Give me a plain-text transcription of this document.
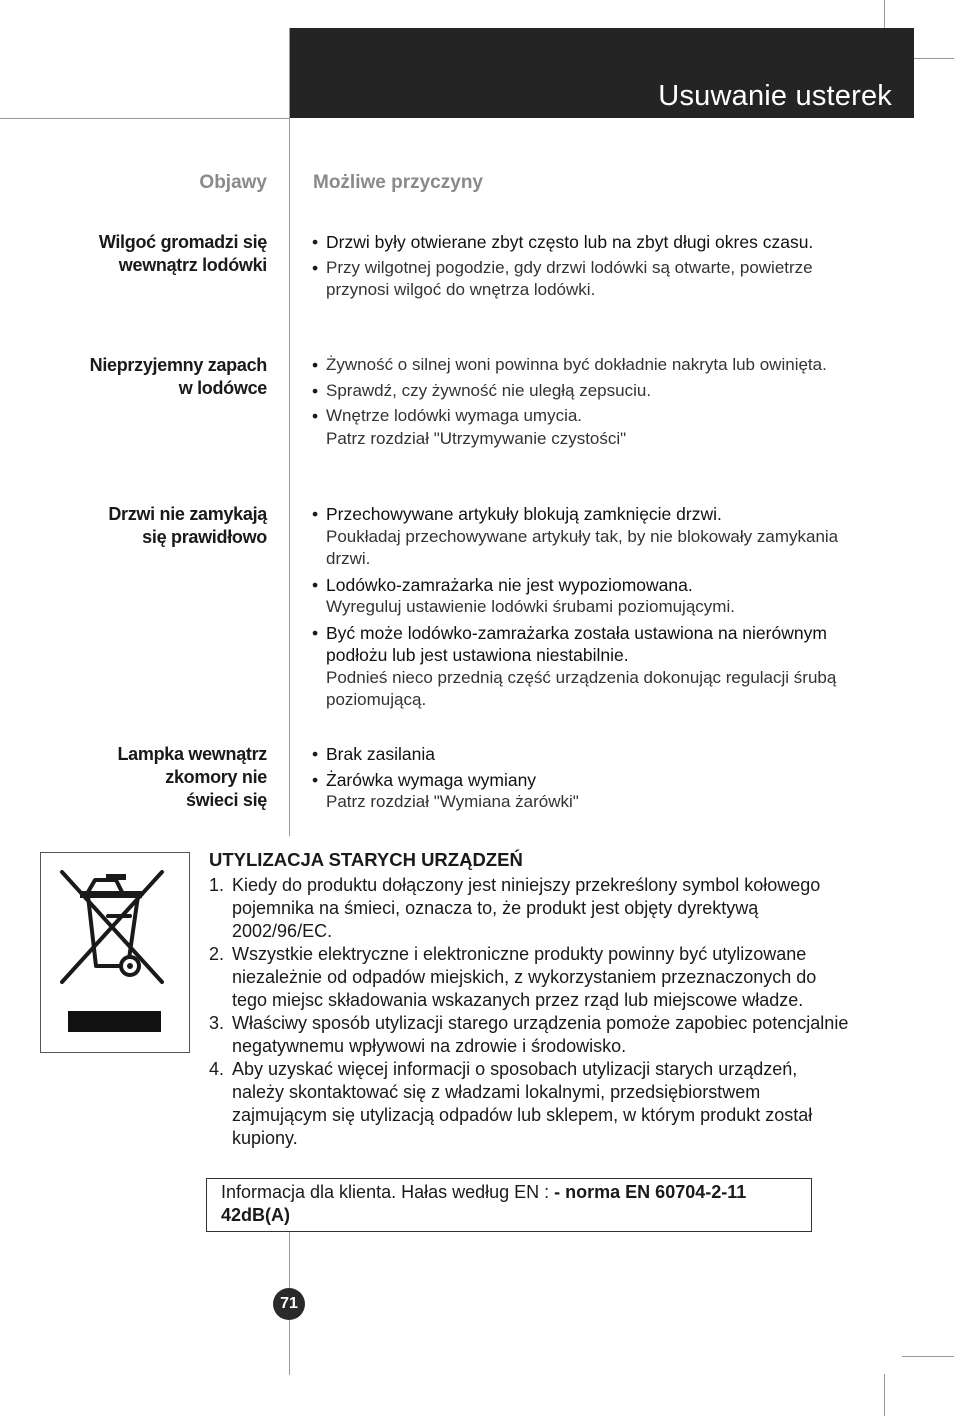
Usuwanie usterek
Objawy Możliwe przyczyny
Wilgoć gromadzi się
wewnątrz lodówki
• Drzwi były otwierane zbyt często lub na zbyt długi okres czasu.
• Przy wilgotnej pogodzie, gdy drzwi lodówki są otwarte, powietrze przynosi wilgoć do wnętrza lodówki.
Nieprzyjemny zapach
w lodówce
• Żywność o silnej woni powinna być dokładnie nakryta lub owinięta.
• Sprawdź, czy żywność nie uległą zepsuciu.
• Wnętrze lodówki wymaga umycia.
Patrz rozdział "Utrzymywanie czystości"
Drzwi nie zamykają
się prawidłowo
• Przechowywane artykuły blokują zamknięcie drzwi.
Poukładaj przechowywane artykuły tak, by nie blokowały zamykania drzwi.
• Lodówko-zamrażarka nie jest wypoziomowana.
Wyreguluj ustawienie lodówki śrubami poziomującymi.
• Być może lodówko-zamrażarka została ustawiona na nierównym podłożu lub jest ustawiona niestabilnie.
Podnieś nieco przednią część urządzenia dokonując regulacji śrubą poziomującą.
Lampka wewnątrz
zkomory nie
świeci się
• Brak zasilania
• Żarówka wymaga wymiany
Patrz rozdział "Wymiana żarówki"
UTYLIZACJA STARYCH URZĄDZEŃ
1. Kiedy do produktu dołączony jest niniejszy przekreślony symbol kołowego pojemnika na śmieci, oznacza to, że produkt jest objęty dyrektywą 2002/96/EC.
2. Wszystkie elektryczne i elektroniczne produkty powinny być utylizowane niezależnie od odpadów miejskich, z wykorzystaniem przeznaczonych do tego miejsc składowania wskazanych przez rząd lub miejscowe władze.
3. Właściwy sposób utylizacji starego urządzenia pomoże zapobiec potencjalnie negatywnemu wpływowi na zdrowie i środowisko.
4. Aby uzyskać więcej informacji o sposobach utylizacji starych urządzeń, należy skontaktować się z władzami lokalnymi, przedsiębiorstwem zajmującym się utylizacją odpadów lub sklepem, w którym produkt został kupiony.
Informacja dla klienta. Hałas według EN : - norma EN 60704-2-11
42dB(A)
71
